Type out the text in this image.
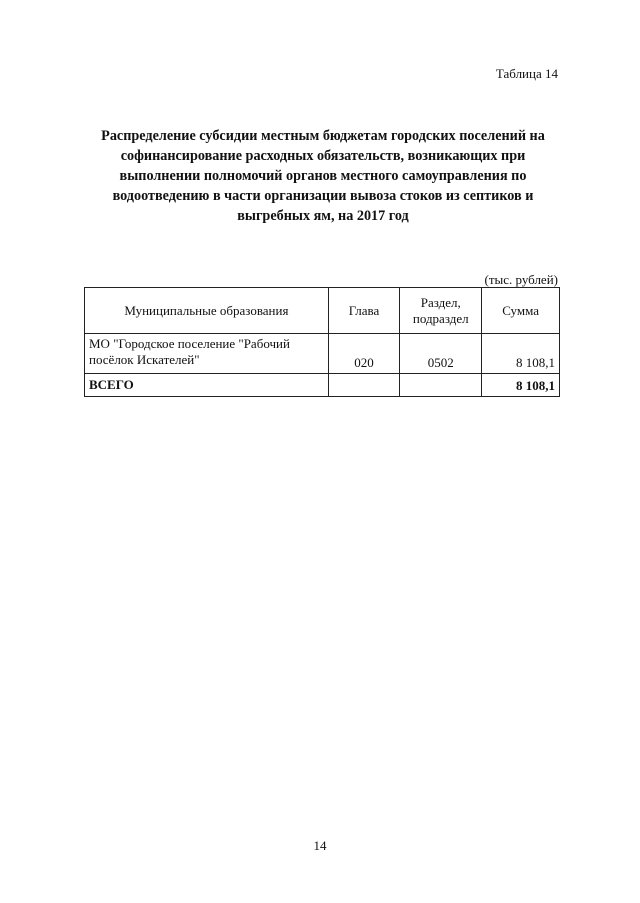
Таблица 14
Распределение субсидии местным бюджетам городских поселений на
софинансирование расходных обязательств, возникающих при
выполнении полномочий органов местного самоуправления по
водоотведению в части организации вывоза стоков из септиков и
выгребных ям, на 2017 год
(тыс. рублей)
Муниципальные образования	Глава	Раздел,
подраздел	Сумма

МО "Городское поселение "Рабочий
посёлок Искателей"	020	0502	8 108,1
ВСЕГО			8 108,1
14
